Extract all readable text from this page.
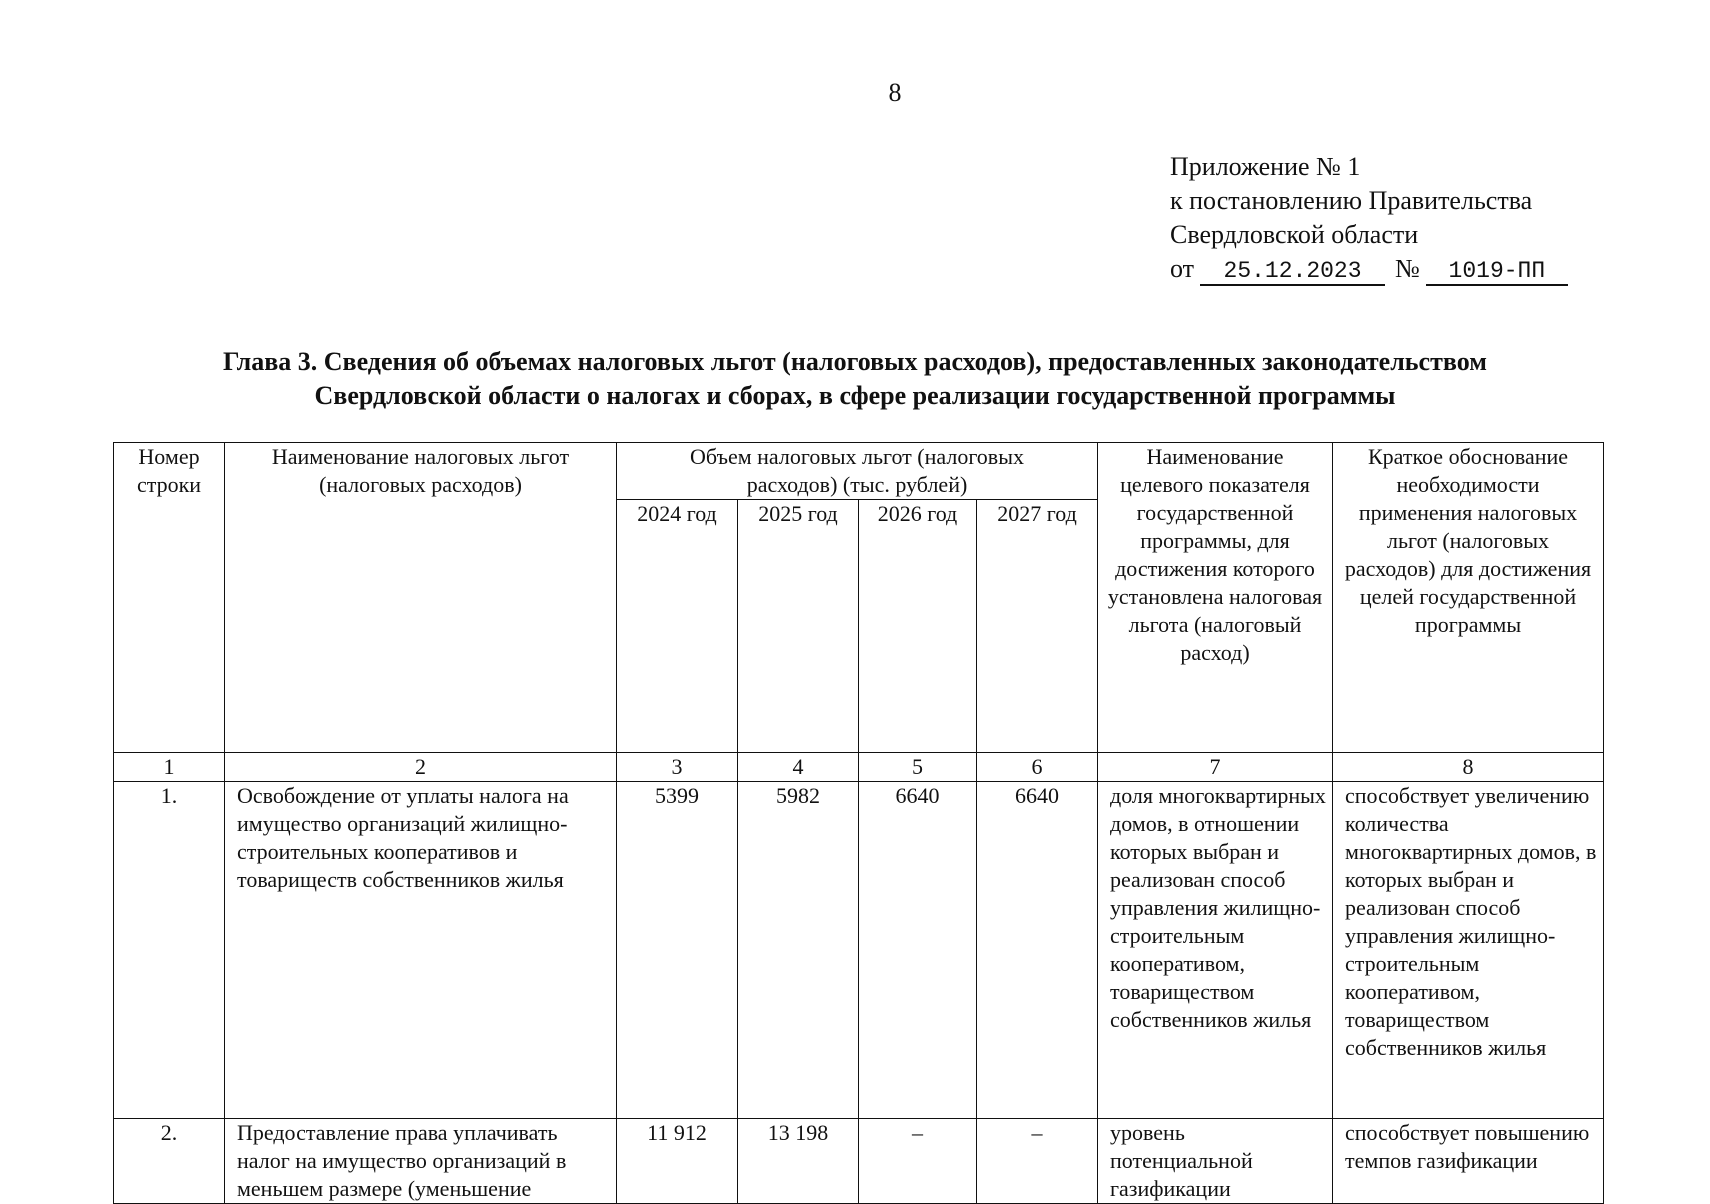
8
Приложение № 1
к постановлению Правительства
Свердловской области
от 25.12.2023 № 1019-ПП
Глава 3. Сведения об объемах налоговых льгот (налоговых расходов), предоставленных законодательством Свердловской области о налогах и сборах, в сфере реализации государственной программы
Номер строки	Наименование налоговых льгот (налоговых расходов)	Объем налоговых льгот (налоговых расходов) (тыс. рублей)				Наименование целевого показателя государственной программы, для достижения которого установлена налоговая льгота (налоговый расход)	Краткое обоснование необходимости применения налоговых льгот (налоговых расходов) для достижения целей государственной программы
		2024 год	2025 год	2026 год	2027 год		
1	2	3	4	5	6	7	8
1.	Освобождение от уплаты налога на имущество организаций жилищно-строительных кооперативов и товариществ собственников жилья	5399	5982	6640	6640	доля многоквартирных домов, в отношении которых выбран и реализован способ управления жилищно-строительным кооперативом, товариществом собственников жилья	способствует увеличению количества многоквартирных домов, в которых выбран и реализован способ управления жилищно-строительным кооперативом, товариществом собственников жилья
2.	Предоставление права уплачивать налог на имущество организаций в меньшем размере (уменьшение	11 912	13 198	–	–	уровень потенциальной газификации	способствует повышению темпов газификации
